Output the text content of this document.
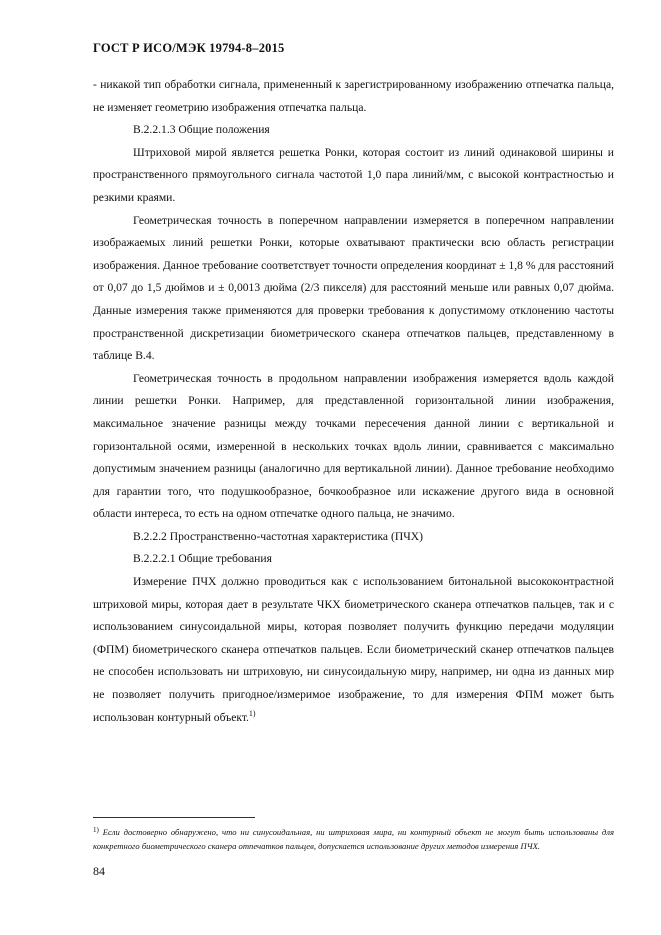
ГОСТ Р ИСО/МЭК 19794-8–2015

- никакой тип обработки сигнала, примененный к зарегистрированному изображению отпечатка пальца, не изменяет геометрию изображения отпечатка пальца.

В.2.2.1.3 Общие положения

Штриховой мирой является решетка Ронки, которая состоит из линий одинаковой ширины и пространственного прямоугольного сигнала частотой 1,0 пара линий/мм, с высокой контрастностью и резкими краями.

Геометрическая точность в поперечном направлении измеряется в поперечном направлении изображаемых линий решетки Ронки, которые охватывают практически всю область регистрации изображения. Данное требование соответствует точности определения координат ± 1,8 % для расстояний от 0,07 до 1,5 дюймов и ± 0,0013 дюйма (2/3 пикселя) для расстояний меньше или равных 0,07 дюйма. Данные измерения также применяются для проверки требования к допустимому отклонению частоты пространственной дискретизации биометрического сканера отпечатков пальцев, представленному в таблице В.4.

Геометрическая точность в продольном направлении изображения измеряется вдоль каждой линии решетки Ронки. Например, для представленной горизонтальной линии изображения, максимальное значение разницы между точками пересечения данной линии с вертикальной и горизонтальной осями, измеренной в нескольких точках вдоль линии, сравнивается с максимально допустимым значением разницы (аналогично для вертикальной линии). Данное требование необходимо для гарантии того, что подушкообразное, бочкообразное или искажение другого вида в основной области интереса, то есть на одном отпечатке одного пальца, не значимо.

В.2.2.2 Пространственно-частотная характеристика (ПЧХ)

В.2.2.2.1 Общие требования

Измерение ПЧХ должно проводиться как с использованием битональной высококонтрастной штриховой миры, которая дает в результате ЧКХ биометрического сканера отпечатков пальцев, так и с использованием синусоидальной миры, которая позволяет получить функцию передачи модуляции (ФПМ) биометрического сканера отпечатков пальцев. Если биометрический сканер отпечатков пальцев не способен использовать ни штриховую, ни синусоидальную миру, например, ни одна из данных мир не позволяет получить пригодное/измеримое изображение, то для измерения ФПМ может быть использован контурный объект.$^{1)}$

$^{1)}$ Если достоверно обнаружено, что ни синусоидальная, ни штриховая мира, ни контурный объект не могут быть использованы для конкретного биометрического сканера отпечатков пальцев, допускается использование других методов измерения ПЧХ.
84
